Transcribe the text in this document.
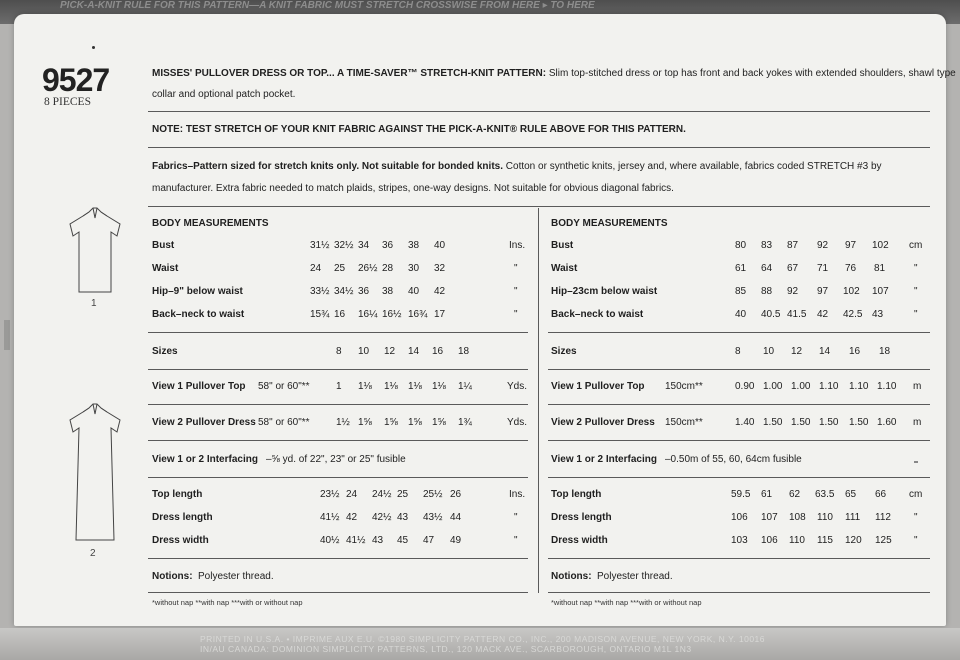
PICK-A-KNIT RULE FOR THIS PATTERN—A KNIT FABRIC MUST STRETCH CROSSWISE FROM HERE ▸ TO HERE
9527
8 PIECES
1
2
MISSES' PULLOVER DRESS OR TOP... A TIME-SAVER™ STRETCH-KNIT PATTERN: Slim top-stitched dress or top has front and back yokes with extended shoulders, shawl type
collar and optional patch pocket.
NOTE: TEST STRETCH OF YOUR KNIT FABRIC AGAINST THE PICK-A-KNIT® RULE ABOVE FOR THIS PATTERN.
Fabrics–Pattern sized for stretch knits only. Not suitable for bonded knits. Cotton or synthetic knits, jersey and, where available, fabrics coded STRETCH #3 by
manufacturer. Extra fabric needed to match plaids, stripes, one-way designs. Not suitable for obvious diagonal fabrics.
BODY MEASUREMENTS
Bust	31½ 32½ 34 36 38 40	Ins.
Waist	24 25 26½ 28 30 32	"
Hip–9" below waist	33½ 34½ 36 38 40 42	"
Back–neck to waist	15¾ 16 16¼ 16½ 16¾ 17	"
Sizes	8 10 12 14 16 18
View 1 Pullover Top 58" or 60"**	1 1⅛ 1⅛ 1⅛ 1⅛ 1¼	Yds.
View 2 Pullover Dress 58" or 60"**	1½ 1⅝ 1⅝ 1⅝ 1⅝ 1¾	Yds.
View 1 or 2 Interfacing –⅝ yd. of 22", 23" or 25" fusible
Top length	23½ 24 24½ 25 25½ 26	Ins.
Dress length	41½ 42 42½ 43 43½ 44	"
Dress width	40½ 41½ 43 45 47 49	"
Notions: Polyester thread.
*without nap **with nap ***with or without nap
BODY MEASUREMENTS
Bust	80 83 87 92 97 102 cm
Waist	61 64 67 71 76 81	"
Hip–23cm below waist	85 88 92 97 102 107	"
Back–neck to waist	40 40.5 41.5 42 42.5 43	"
Sizes	8 10 12 14 16 18
View 1 Pullover Top 150cm**	0.90 1.00 1.00 1.10 1.10 1.10 m
View 2 Pullover Dress 150cm**	1.40 1.50 1.50 1.50 1.50 1.60 m
View 1 or 2 Interfacing –0.50m of 55, 60, 64cm fusible
Top length	59.5 61 62 63.5 65 66 cm
Dress length	106 107 108 110 111 112 "
Dress width	103 106 110 115 120 125 "
Notions: Polyester thread.
*without nap **with nap ***with or without nap
PRINTED IN U.S.A. • IMPRIME AUX E.U. ©1980 SIMPLICITY PATTERN CO., INC., 200 MADISON AVENUE, NEW YORK, N.Y. 10016
IN/AU CANADA: DOMINION SIMPLICITY PATTERNS, LTD., 120 MACK AVE., SCARBOROUGH, ONTARIO M1L 1N3
